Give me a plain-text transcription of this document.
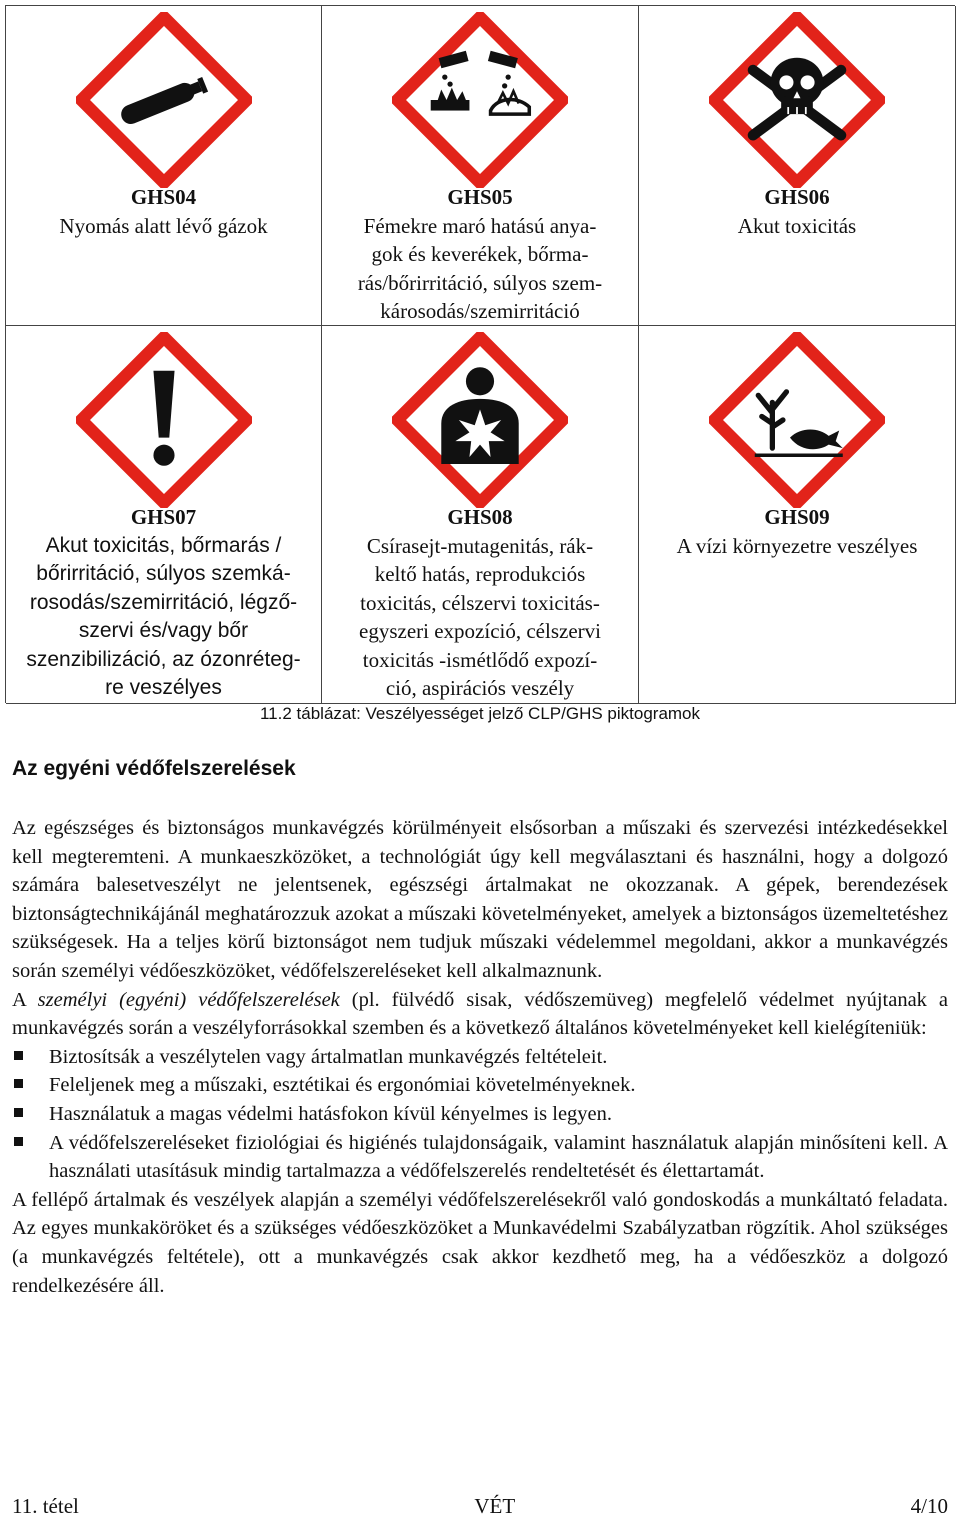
GHS04
Nyomás alatt lévő gázok
GHS05
Fémekre maró hatású anya-
gok és keverékek, bőrma-
rás/bőrirritáció, súlyos szem-
károsodás/szemirritáció
GHS06
Akut toxicitás
GHS07
Akut toxicitás, bőrmarás /
bőrirritáció, súlyos szemká-
rosodás/szemirritáció, légző-
szervi és/vagy bőr
szenzibilizáció, az ózonréteg-
re veszélyes
GHS08
Csírasejt-mutagenitás, rák-
keltő hatás, reprodukciós
toxicitás, célszervi toxicitás-
egyszeri expozíció, célszervi
toxicitás -ismétlődő expozí-
ció, aspirációs veszély
GHS09
A vízi környezetre veszélyes
11.2 táblázat: Veszélyességet jelző CLP/GHS piktogramok
Az egyéni védőfelszerelések

Az egészséges és biztonságos munkavégzés körülményeit elsősorban a műszaki és szervezési intézkedésekkel kell megteremteni. A munkaeszközöket, a technológiát úgy kell megválasztani és használni, hogy a dolgozó számára balesetveszélyt ne jelentsenek, egészségi ártalmakat ne okozzanak. A gépek, berendezések biztonságtechnikájánál meghatározzuk azokat a műszaki követelményeket, amelyek a biztonságos üzemeltetéshez szükségesek. Ha a teljes körű biztonságot nem tudjuk műszaki védelemmel megoldani, akkor a munkavégzés során személyi védőeszközöket, védőfelszereléseket kell alkalmaznunk.

A személyi (egyéni) védőfelszerelések (pl. fülvédő sisak, védőszemüveg) megfelelő védelmet nyújtanak a munkavégzés során a veszélyforrásokkal szemben és a következő általános követelményeket kell kielégíteniük:

Biztosítsák a veszélytelen vagy ártalmatlan munkavégzés feltételeit.
Feleljenek meg a műszaki, esztétikai és ergonómiai követelményeknek.
Használatuk a magas védelmi hatásfokon kívül kényelmes is legyen.
A védőfelszereléseket fiziológiai és higiénés tulajdonságaik, valamint használatuk alapján minősíteni kell. A használati utasításuk mindig tartalmazza a védőfelszerelés rendeltetését és élettartamát.

A fellépő ártalmak és veszélyek alapján a személyi védőfelszerelésekről való gondoskodás a munkáltató feladata. Az egyes munkaköröket és a szükséges védőeszközöket a Munkavédelmi Szabályzatban rögzítik. Ahol szükséges (a munkavégzés feltétele), ott a munkavégzés csak akkor kezdhető meg, ha a védőeszköz a dolgozó rendelkezésére áll.

11. tétel	VÉT	4/10
